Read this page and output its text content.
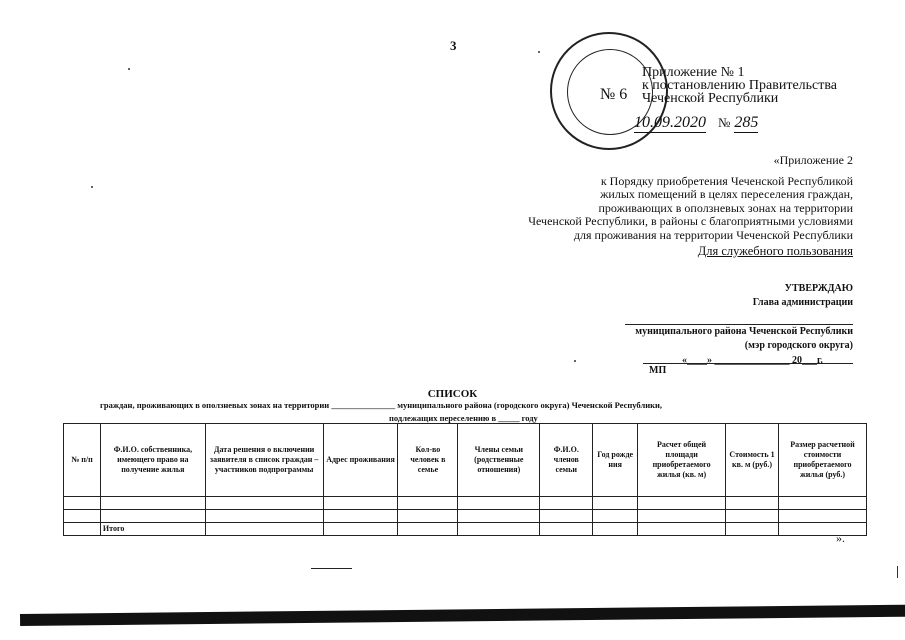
3
№ 6
Приложение № 1
к постановлению Правительства
Чеченской Республики
10.09.2020 № 285
«Приложение 2
к Порядку приобретения Чеченской Республикой
жилых помещений в целях переселения граждан,
проживающих в оползневых зонах на территории
Чеченской Республики, в районы с благоприятными условиями
для проживания на территории Чеченской Республики
Для служебного пользования
УТВЕРЖДАЮ
Глава администрации
муниципального района Чеченской Республики
(мэр городского округа)
«____» _______________ 20___г.
МП
СПИСОК
граждан, проживающих в оползневых зонах на территории _______________ муниципального района (городского округа) Чеченской Республики,
подлежащих переселению в _____ году
№ п/п	Ф.И.О. собственника, имеющего право на получение жилья	Дата решения о включении заявителя в список граждан – участников подпрограммы	Адрес проживания	Кол-во человек в семье	Члены семьи (родственные отношения)	Ф.И.О. членов семьи	Год рожде ния	Расчет общей площади приобретаемого жилья (кв. м)	Стоимость 1 кв. м (руб.)	Размер расчетной стоимости приобретаемого жилья (руб.)

	Итого									
».
